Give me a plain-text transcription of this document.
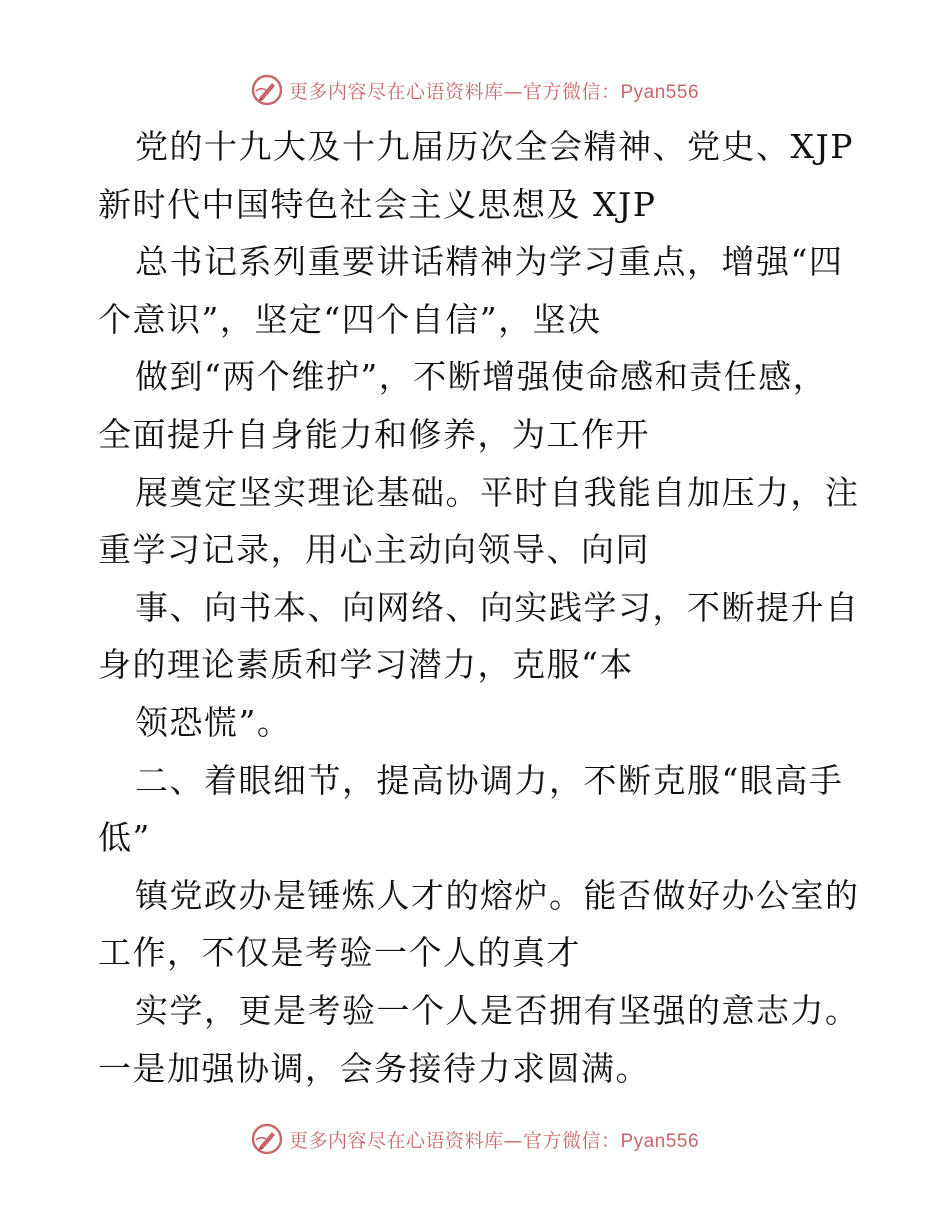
更多内容尽在心语资料库—官方微信：Pyan556
党的十九大及十九届历次全会精神、党史、XJP
新时代中国特色社会主义思想及 XJP
总书记系列重要讲话精神为学习重点，增强“四
个意识”，坚定“四个自信”，坚决
做到“两个维护”，不断增强使命感和责任感，
全面提升自身能力和修养，为工作开
展奠定坚实理论基础。平时自我能自加压力，注
重学习记录，用心主动向领导、向同
事、向书本、向网络、向实践学习，不断提升自
身的理论素质和学习潜力，克服“本
领恐慌”。
二、着眼细节，提高协调力，不断克服“眼高手
低”
镇党政办是锤炼人才的熔炉。能否做好办公室的
工作，不仅是考验一个人的真才
实学，更是考验一个人是否拥有坚强的意志力。
一是加强协调，会务接待力求圆满。
更多内容尽在心语资料库—官方微信：Pyan556
